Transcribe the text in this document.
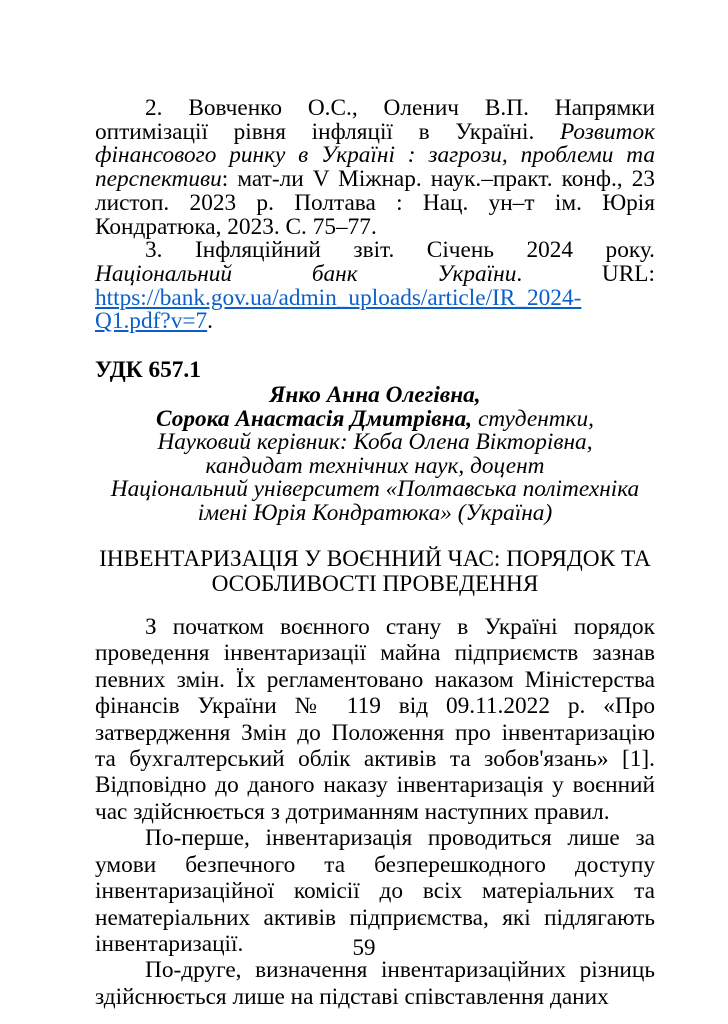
2. Вовченко О.С., Оленич В.П. Напрямки оптимізації рівня інфляції в Україні. Розвиток фінансового ринку в Україні : загрози, проблеми та перспективи: мат-ли V Міжнар. наук.–практ. конф., 23 листоп. 2023 р. Полтава : Нац. ун–т ім. Юрія Кондратюка, 2023. С. 75–77.

3. Інфляційний звіт. Січень 2024 року. Національний банк України. URL: https://bank.gov.ua/admin_uploads/article/IR_2024-Q1.pdf?v=7.

УДК 657.1
Янко Анна Олегівна,
Сорока Анастасія Дмитрівна, студентки,
Науковий керівник: Коба Олена Вікторівна,
кандидат технічних наук, доцент
Національний університет «Полтавська політехніка
імені Юрія Кондратюка» (Україна)
ІНВЕНТАРИЗАЦІЯ У ВОЄННИЙ ЧАС: ПОРЯДОК ТА ОСОБЛИВОСТІ ПРОВЕДЕННЯ

З початком воєнного стану в Україні порядок проведення інвентаризації майна підприємств зазнав певних змін. Їх регламентовано наказом Міністерства фінансів України № 119 від 09.11.2022 р. «Про затвердження Змін до Положення про інвентаризацію та бухгалтерський облік активів та зобов'язань» [1]. Відповідно до даного наказу інвентаризація у воєнний час здійснюється з дотриманням наступних правил.

По-перше, інвентаризація проводиться лише за умови безпечного та безперешкодного доступу інвентаризаційної комісії до всіх матеріальних та нематеріальних активів підприємства, які підлягають інвентаризації.

По-друге, визначення інвентаризаційних різниць здійснюється лише на підставі співставлення даних

59
